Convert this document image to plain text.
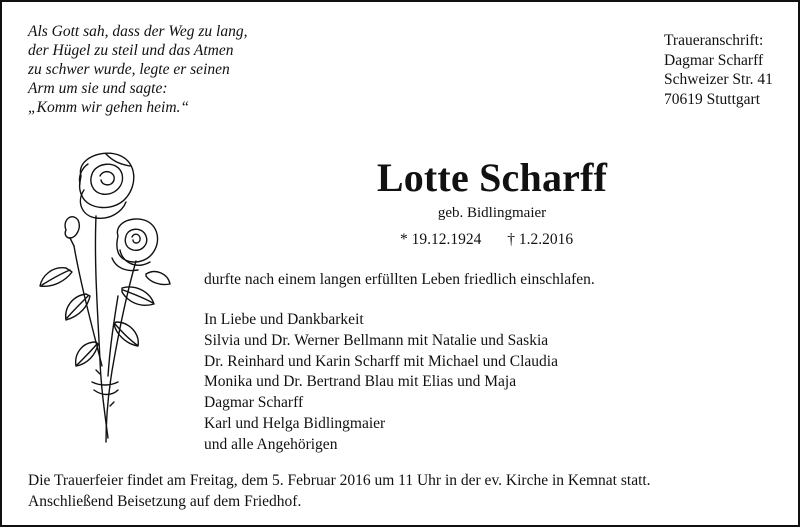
Als Gott sah, dass der Weg zu lang,
der Hügel zu steil und das Atmen
zu schwer wurde, legte er seinen
Arm um sie und sagte:
„Komm wir gehen heim.“
Traueranschrift:
Dagmar Scharff
Schweizer Str. 41
70619 Stuttgart
Lotte Scharff
geb. Bidlingmaier
* 19.12.1924 † 1.2.2016
durfte nach einem langen erfüllten Leben friedlich einschlafen.
In Liebe und Dankbarkeit
Silvia und Dr. Werner Bellmann mit Natalie und Saskia
Dr. Reinhard und Karin Scharff mit Michael und Claudia
Monika und Dr. Bertrand Blau mit Elias und Maja
Dagmar Scharff
Karl und Helga Bidlingmaier
und alle Angehörigen
Die Trauerfeier findet am Freitag, dem 5. Februar 2016 um 11 Uhr in der ev. Kirche in Kemnat statt.
Anschließend Beisetzung auf dem Friedhof.
